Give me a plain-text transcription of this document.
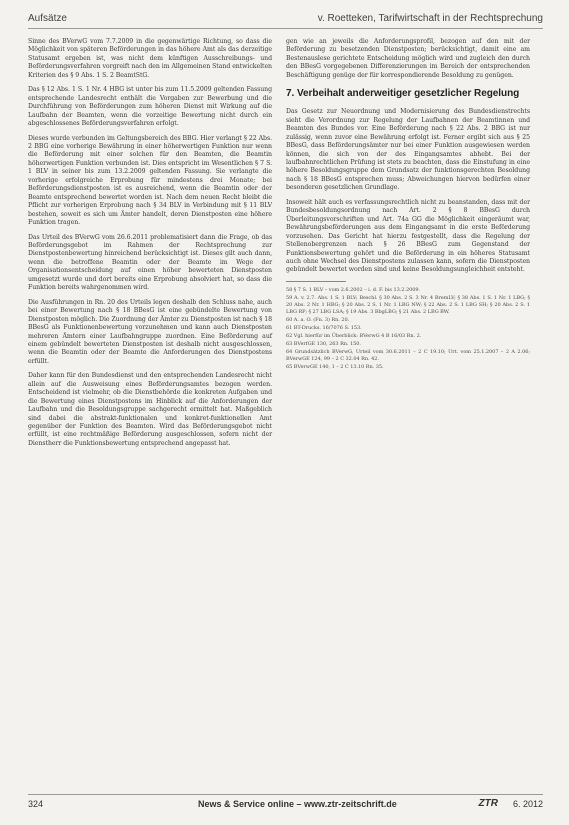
Aufsätze	v. Roetteken, Tarifwirtschaft in der Rechtsprechung

Sinne des BVerwG vom 7.7.2009 in die gegenwärtige Richtung, so dass die Möglichkeit von späteren Beförderungen in das höhere Amt als das derzeitige Statusamt ergeben ist, was nicht dem künftigen Ausschreibungs- und Beförderungsverfahren vorgreift nach den im Allgemeinen Stand entwickelten Kriterien des § 9 Abs. 1 S. 2 BeamtStG.

Das § 12 Abs. 1 S. 1 Nr. 4 HBG ist unter bis zum 11.5.2009 geltenden Fassung entsprechende Landesrecht enthält die Vorgaben zur Bewerbung und die Durchführung von Beförderungen zum höheren Dienst mit Wirkung auf die Laufbahn der Beamten, wenn die vorzeitige Bewertung nicht durch ein abgeschlossenes Beförderungsverfahren erfolgt.

Dieses wurde verbunden im Geltungsbereich des BBG. Hier verlangt § 22 Abs. 2 BBG eine vorherige Bewährung in einer höherwertigen Funktion nur wenn die Beförderung mit einer solchen für den Beamten, die Beamtin höherwertigen Funktion verbunden ist. Dies entspricht im Wesentlichen § 7 S. 1 BLV in seiner bis zum 13.2.2009 geltenden Fassung. Sie verlangte die vorherige erfolgreiche Erprobung für mindestens drei Monate; bei Beförderungsdienstposten ist es ausreichend, wenn die Beamtin oder der Beamte entsprechend bewertet worden ist. Nach dem neuen Recht bleibt die Pflicht zur vorherigen Erprobung nach § 34 BLV in Verbindung mit § 11 BLV bestehen, soweit es sich um Ämter handelt, deren Dienstposten eine höhere Funktion tragen.

Das Urteil des BVerwG vom 26.6.2011 problematisiert dann die Frage, ob das Beförderungsgebot im Rahmen der Rechtsprechung zur Dienstpostenbewertung hinreichend berücksichtigt ist. Dieses gilt auch dann, wenn die betroffene Beamtin oder der Beamte im Wege der Organisationsentscheidung auf einen höher bewerteten Dienstposten umgesetzt wurde und dort bereits eine Erprobung absolviert hat, so dass die Funktion bereits wahrgenommen wird.

Die Ausführungen in Rn. 20 des Urteils legen deshalb den Schluss nahe, auch bei einer Bewertung nach § 18 BBesG ist eine gebündelte Bewertung von Dienstposten möglich. Die Zuordnung der Ämter zu Dienstposten ist nach § 18 BBesG als Funktionenbewertung vorzunehmen und kann auch Dienstposten mehreren Ämtern einer Laufbahngruppe zuordnen. Eine Beförderung auf einem gebündelt bewerteten Dienstposten ist deshalb nicht ausgeschlossen, wenn die Beamtin oder der Beamte die Anforderungen des Dienstpostens erfüllt.

Daher kann für den Bundesdienst und den entsprechenden Landesrecht nicht allein auf die Ausweisung eines Beförderungsamtes bezogen werden. Entscheidend ist vielmehr, ob die Dienstbehörde die konkreten Aufgaben und die Bewertung eines Dienstpostens im Hinblick auf die Anforderungen der Laufbahn und die Besoldungsgruppe sachgerecht ermittelt hat. Maßgeblich sind dabei die abstrakt-funktionalen und konkret-funktionellen Amt gegenüber der Funktion des Beamten. Wird das Beförderungsgebot nicht erfüllt, ist eine rechtmäßige Beförderung ausgeschlossen, sofern nicht der Dienstherr die Funktionsbewertung entsprechend angepasst hat.

gen wie an jeweils die Anforderungsprofil, bezogen auf den mit der Beförderung zu besetzenden Dienstposten; berücksichtigt, damit eine am Bestenauslese gerichtete Entscheidung möglich wird und zugleich den durch den BBesG vorgegebenen Differenzierungen im Bereich der entsprechenden Beschäftigung genüge der für korrespondierende Besoldung zu genügen.

7. Verbeihalt anderweitiger gesetzlicher Regelung

Das Gesetz zur Neuordnung und Modernisierung des Bundesdienstrechts sieht die Verordnung zur Regelung der Laufbahnen der Beamtinnen und Beamten des Bundes vor. Eine Beförderung nach § 22 Abs. 2 BBG ist nur zulässig, wenn zuvor eine Bewährung erfolgt ist. Ferner ergibt sich aus § 25 BBesG, dass Beförderungsämter nur bei einer Funktion ausgewiesen werden können, die sich von der des Eingangsamtes abhebt. Bei der laufbahnrechtlichen Prüfung ist stets zu beachten, dass die Einstufung in eine höhere Besoldungsgruppe dem Grundsatz der funktionsgerechten Besoldung nach § 18 BBesG entsprechen muss; Abweichungen hiervon bedürfen einer besonderen gesetzlichen Grundlage.

Insoweit hält auch es verfassungsrechtlich nicht zu beanstanden, dass mit der Bundesbesoldungsordnung nach Art. 2 § 8 BBesG durch Überleitungsvorschriften und Art. 74a GG die Möglichkeit eingeräumt war, Bewährungsbeförderungen aus dem Eingangsamt in die erste Beförderung vorzusehen. Das Gericht hat hierzu festgestellt, dass die Regelung der Stellenobergrenzen nach § 26 BBesG zum Gegenstand der Funktionsbewertung gehört und die Beförderung in ein höheres Statusamt auch ohne Wechsel des Dienstpostens zulassen kann, sofern die Dienstposten gebündelt bewertet worden sind und keine Besoldungsungleichheit entsteht.

58 § 7 S. 1 BLV – vom 2.6.2002 – i. d. F. bis 13.2.2009.
59 A. v. 2.7. Abs. 1 S. 1 BLV; Beschl. § 30 Abs. 2 S. 3 Nr. 4 BremLV; § 38 Abs. 1 S. 1 Nr. 1 LBG; § 20 Abs. 2 Nr. 1 HBG; § 20 Abs. 2 S. 1 Nr. 1 LBG NW; § 22 Abs. 2 S. 1 LBG SH; § 20 Abs. 2 S. 1 LBG RP; § 27 LBG LSA; § 19 Abs. 3 BbgLBG; § 21 Abs. 2 LBG BW.
60 A. a. O. (Fn. 3) Rn. 20.
61 BT-Drucks. 16/7076 S. 153.
62 Vgl. hierfür im Überblick: BVerwG 4 B 16/03 Rn. 2.
63 BVerfGE 130, 263 Rn. 150.
64 Grundsätzlich BVerwG, Urteil vom 30.6.2011 – 2 C 19.10; Urt. vom 25.1.2007 – 2 A 2.06; BVerwGE 124, 99 – 2 C 32.04 Rn. 42.
65 BVerwGE 140, 1 – 2 C 13.10 Rn. 35.
324	News & Service online – www.ztr-zeitschrift.de	ZTR 6. 2012
